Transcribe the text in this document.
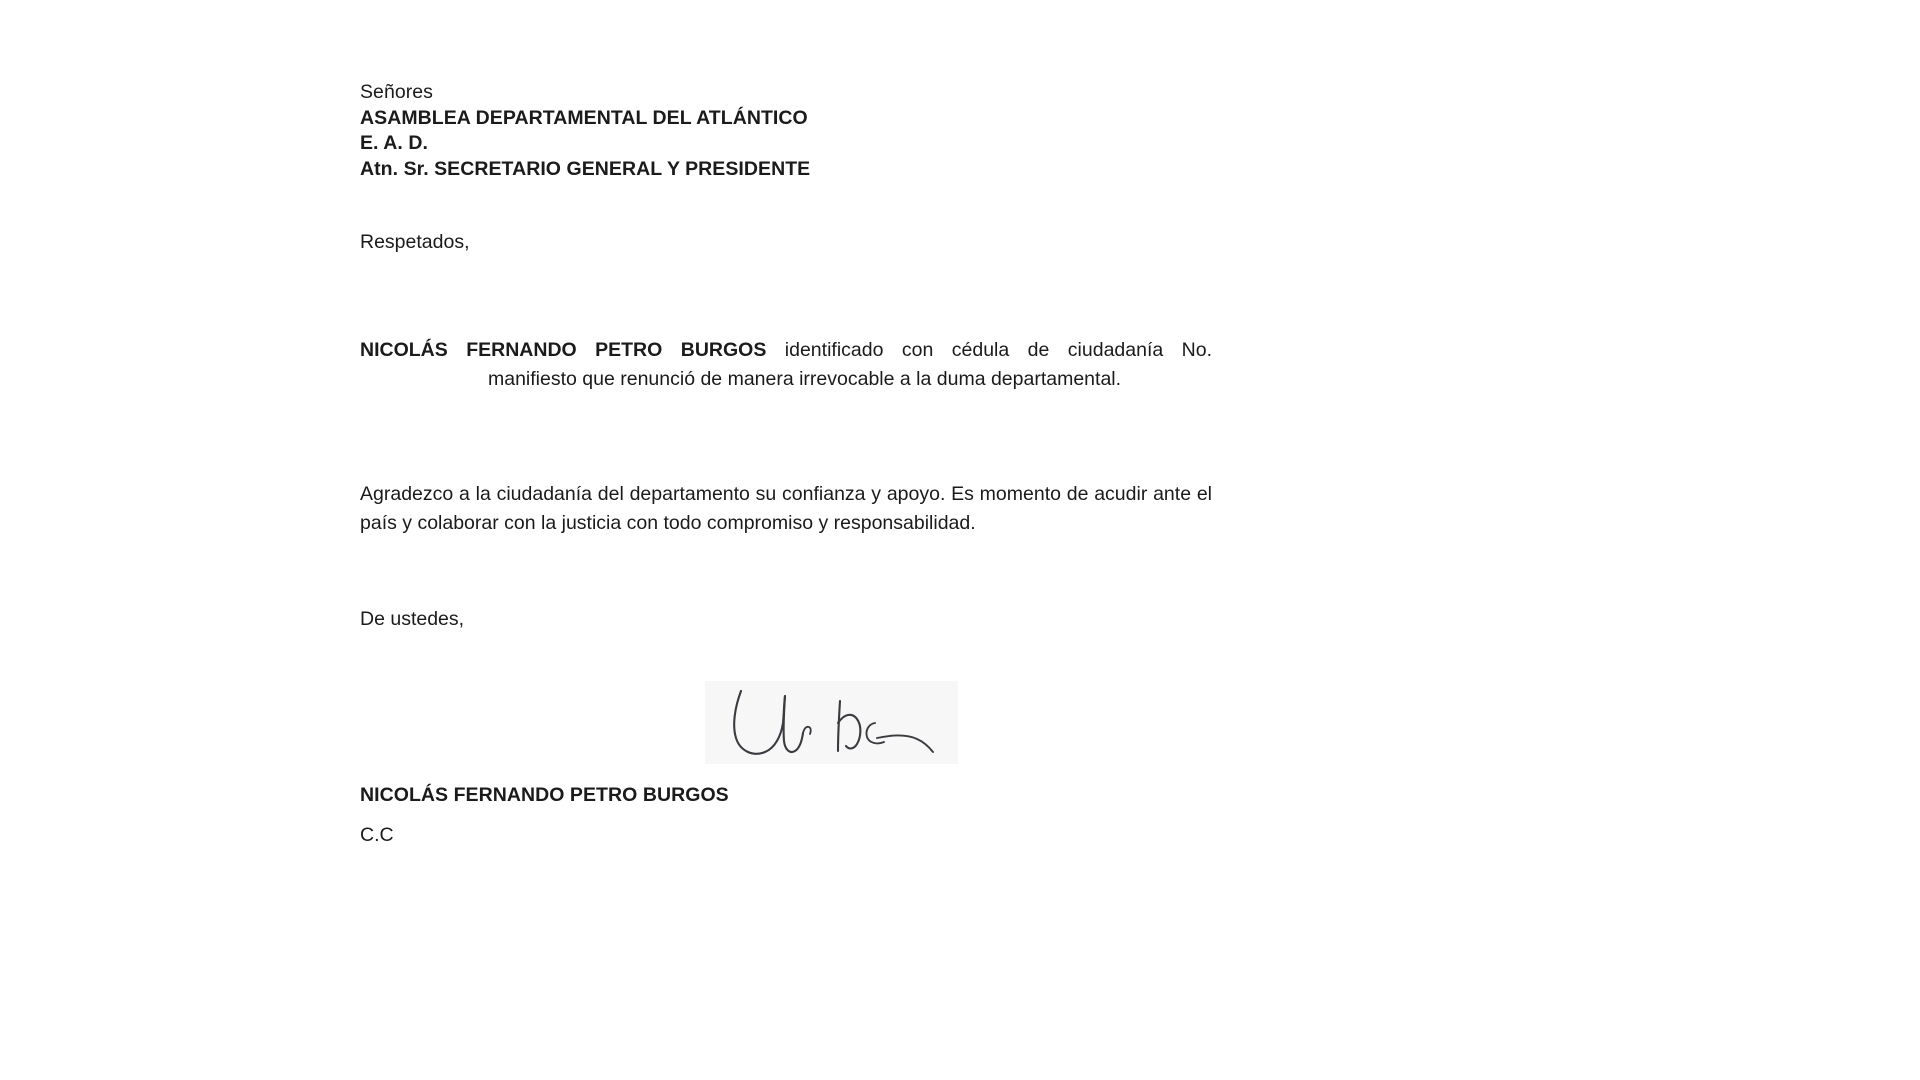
Señores
ASAMBLEA DEPARTAMENTAL DEL ATLÁNTICO
E. A. D.
Atn. Sr. SECRETARIO GENERAL Y PRESIDENTE
Respetados,

NICOLÁS FERNANDO PETRO BURGOS identificado con cédula de ciudadanía No.manifiesto que renunció de manera irrevocable a la duma departamental.

Agradezco a la ciudadanía del departamento su confianza y apoyo. Es momento de acudir ante el país y colaborar con la justicia con todo compromiso y responsabilidad.

De ustedes,
NICOLÁS FERNANDO PETRO BURGOS
C.C
